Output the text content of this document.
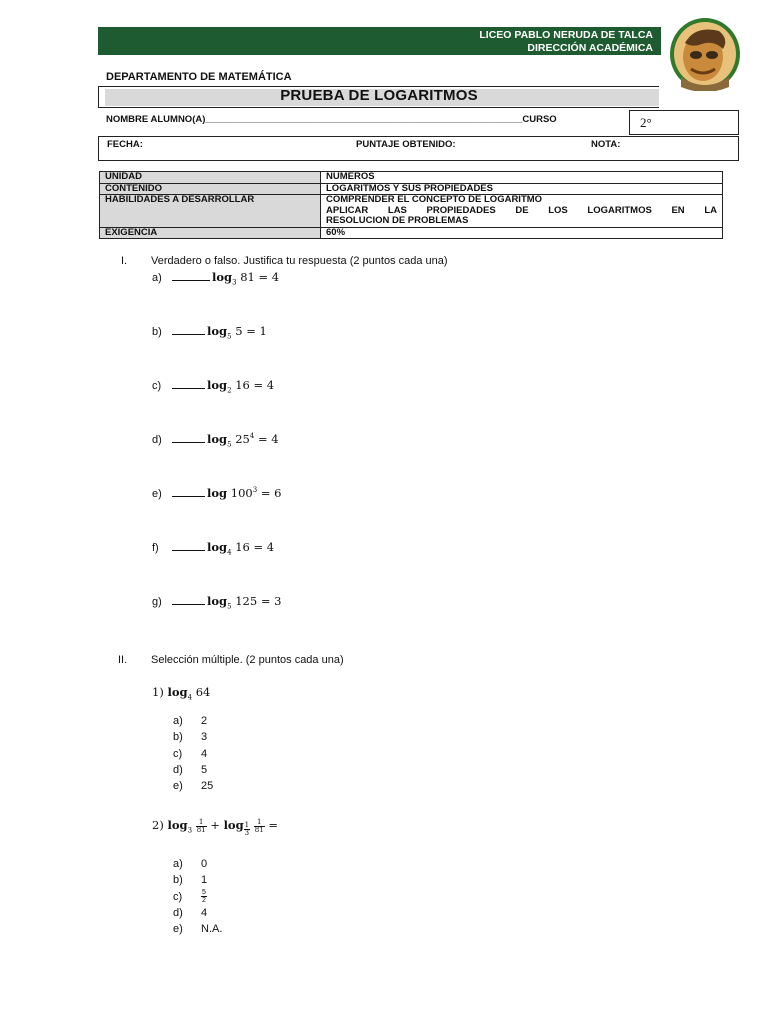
LICEO PABLO NERUDA DE TALCA
DIRECCIÓN ACADÉMICA
DEPARTAMENTO DE MATEMÁTICA
PRUEBA DE LOGARITMOS
NOMBRE ALUMNO(A)____________________________________________________________CURSO	2°
FECHA:	PUNTAJE OBTENIDO:	NOTA:
UNIDAD	NUMEROS
CONTENIDO	LOGARITMOS Y SUS PROPIEDADES
HABILIDADES A DESARROLLAR	COMPRENDER EL CONCEPTO DE LOGARITMO
APLICAR LAS PROPIEDADES DE LOS LOGARITMOS EN LA
RESOLUCION DE PROBLEMAS

EXIGENCIA	60%
I. Verdadero o falso. Justifica tu respuesta (2 puntos cada una)
a)	$\log_3 81 = 4$
b)	$\log_5 5 = 1$
c)	$\log_2 16 = 4$
d)	$\log_5 25^4 = 4$
e)	$\log 100^3 = 6$
f)	$\log_4 16 = 4$
g)	$\log_5 125 = 3$
II. Selección múltiple. (2 puntos cada una)
1) $\log_4 64$
a) 2
b) 3
c) 4
d) 5
e) 25
2) $\log_3 \frac{1}{81} + \log \frac{1}{3}$
$\frac{1}{81}$ =
a) 0
b) 1
c)	$\frac{5}{2}$
d) 4
e) N.A.
